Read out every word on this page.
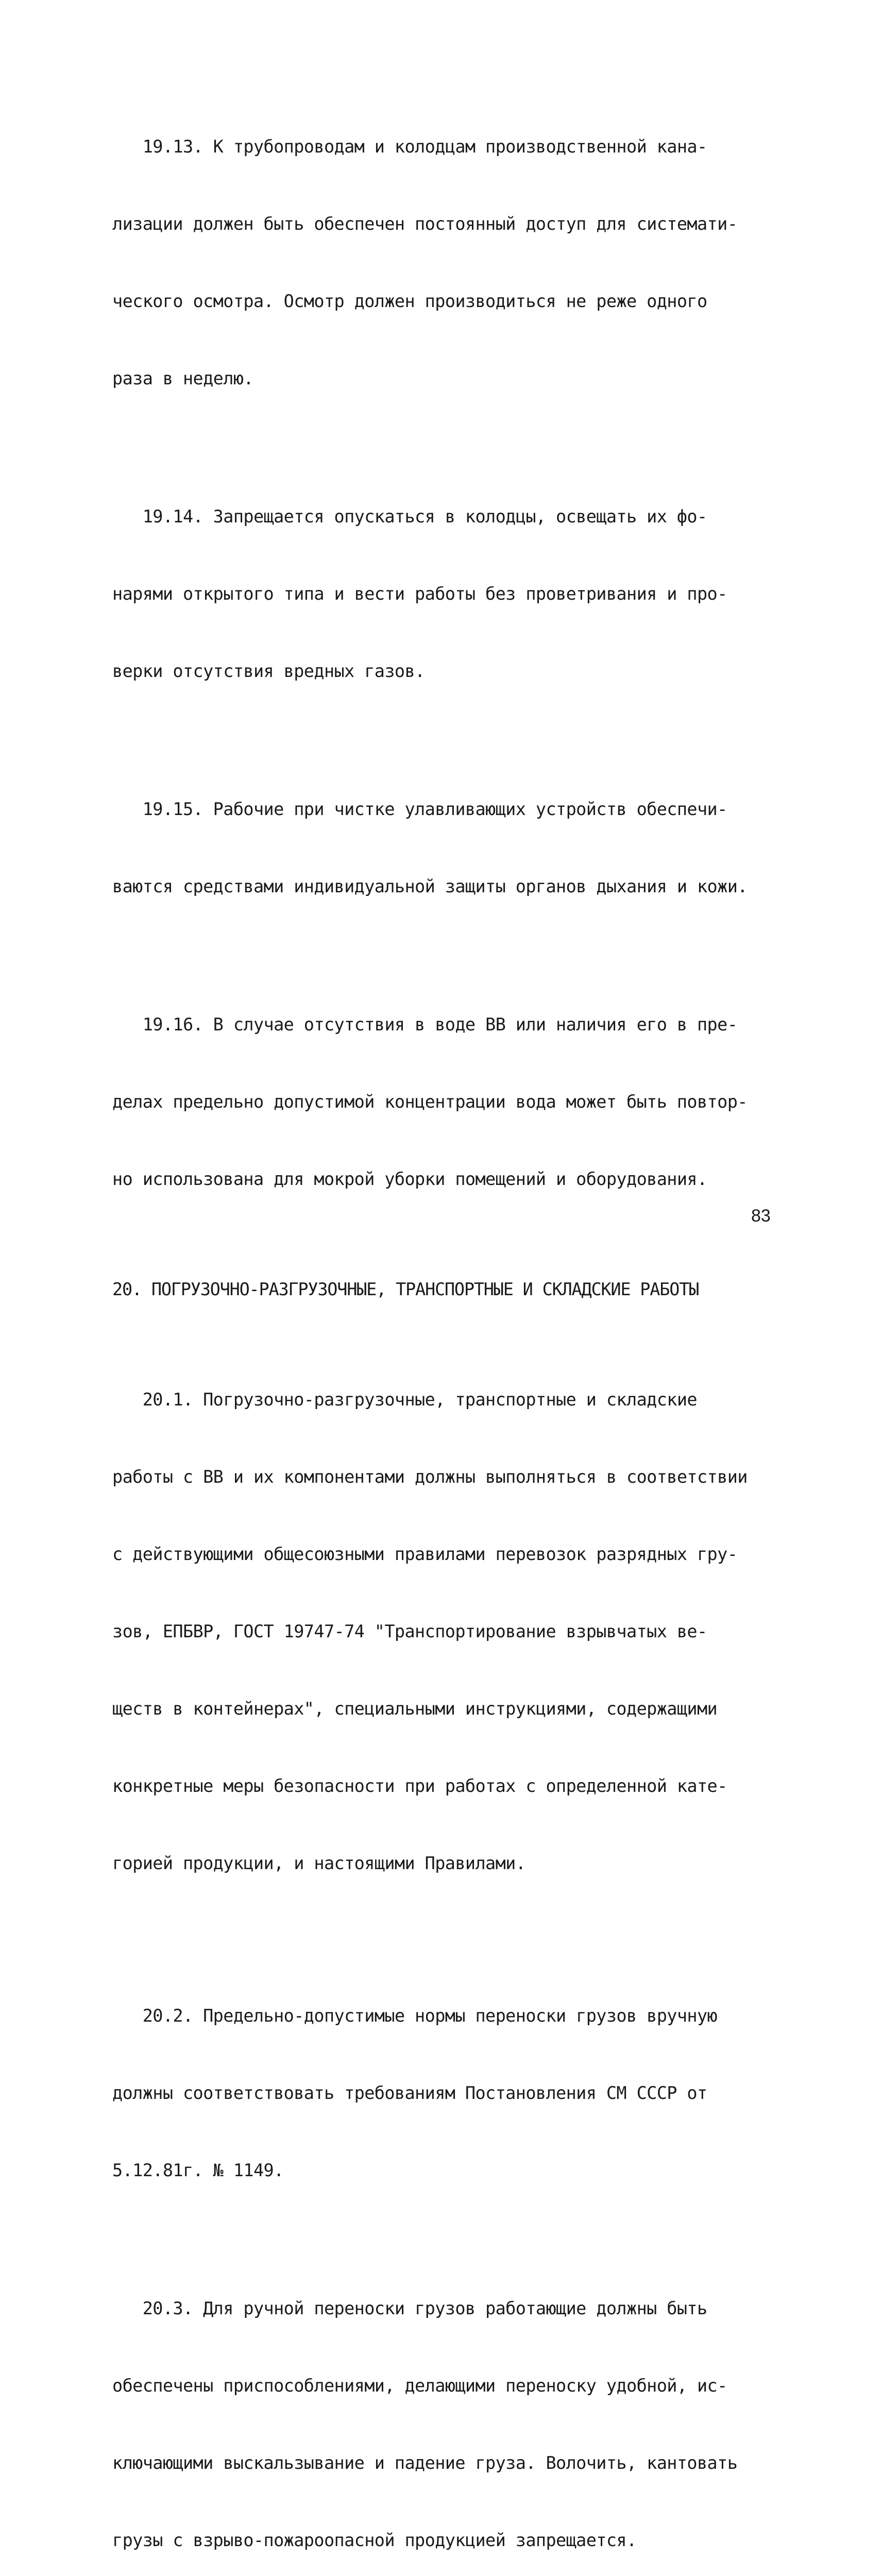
19.13. К трубопроводам и колодцам производственной кана-

лизации должен быть обеспечен постоянный доступ для системати-

ческого осмотра. Осмотр должен производиться не реже одного

раза в неделю.

19.14. Запрещается опускаться в колодцы, освещать их фо-

нарями открытого типа и вести работы без проветривания и про-

верки отсутствия вредных газов.

19.15. Рабочие при чистке улавливающих устройств обеспечи-

ваются средствами индивидуальной защиты органов дыхания и кожи.

19.16. В случае отсутствия в воде ВВ или наличия его в пре-

делах предельно допустимой концентрации вода может быть повтор-

но использована для мокрой уборки помещений и оборудования.

20. ПОГРУЗОЧНО-РАЗГРУЗОЧНЫЕ, ТРАНСПОРТНЫЕ И СКЛАДСКИЕ РАБОТЫ

20.1. Погрузочно-разгрузочные, транспортные и складские

работы с ВВ и их компонентами должны выполняться в соответствии

с действующими общесоюзными правилами перевозок разрядных гру-

зов, ЕПБВР, ГОСТ 19747-74 "Транспортирование взрывчатых ве-

ществ в контейнерах", специальными инструкциями, содержащими

конкретные меры безопасности при работах с определенной кате-

горией продукции, и настоящими Правилами.

20.2. Предельно-допустимые нормы переноски грузов вручную

должны соответствовать требованиям Постановления СМ СССР от

5.12.81г. № 1149.

20.3. Для ручной переноски грузов работающие должны быть

обеспечены приспособлениями, делающими переноску удобной, ис-

ключающими выскальзывание и падение груза. Волочить, кантовать

грузы с взрыво-пожароопасной продукцией запрещается.

83
